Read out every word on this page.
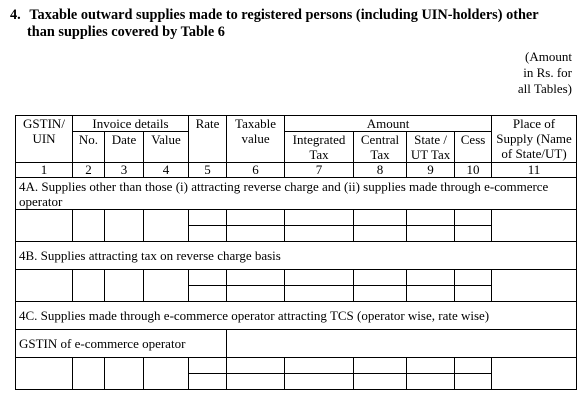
4. Taxable outward supplies made to registered persons (including UIN-holders) other
than supplies covered by Table 6
(Amount
in Rs. for
all Tables)
GSTIN/ UIN	Invoice details			Rate	Taxable value	Amount				Place of Supply (Name of State/UT)
	No.	Date	Value			Integrated Tax	Central Tax	State / UT Tax	Cess	
1	2	3	4	5	6	7	8	9	10	11
4A. Supplies other than those (i) attracting reverse charge and (ii) supplies made through e-commerce operator										

4B. Supplies attracting tax on reverse charge basis										

4C. Supplies made through e-commerce operator attracting TCS (operator wise, rate wise)										
GSTIN of e-commerce operator										
